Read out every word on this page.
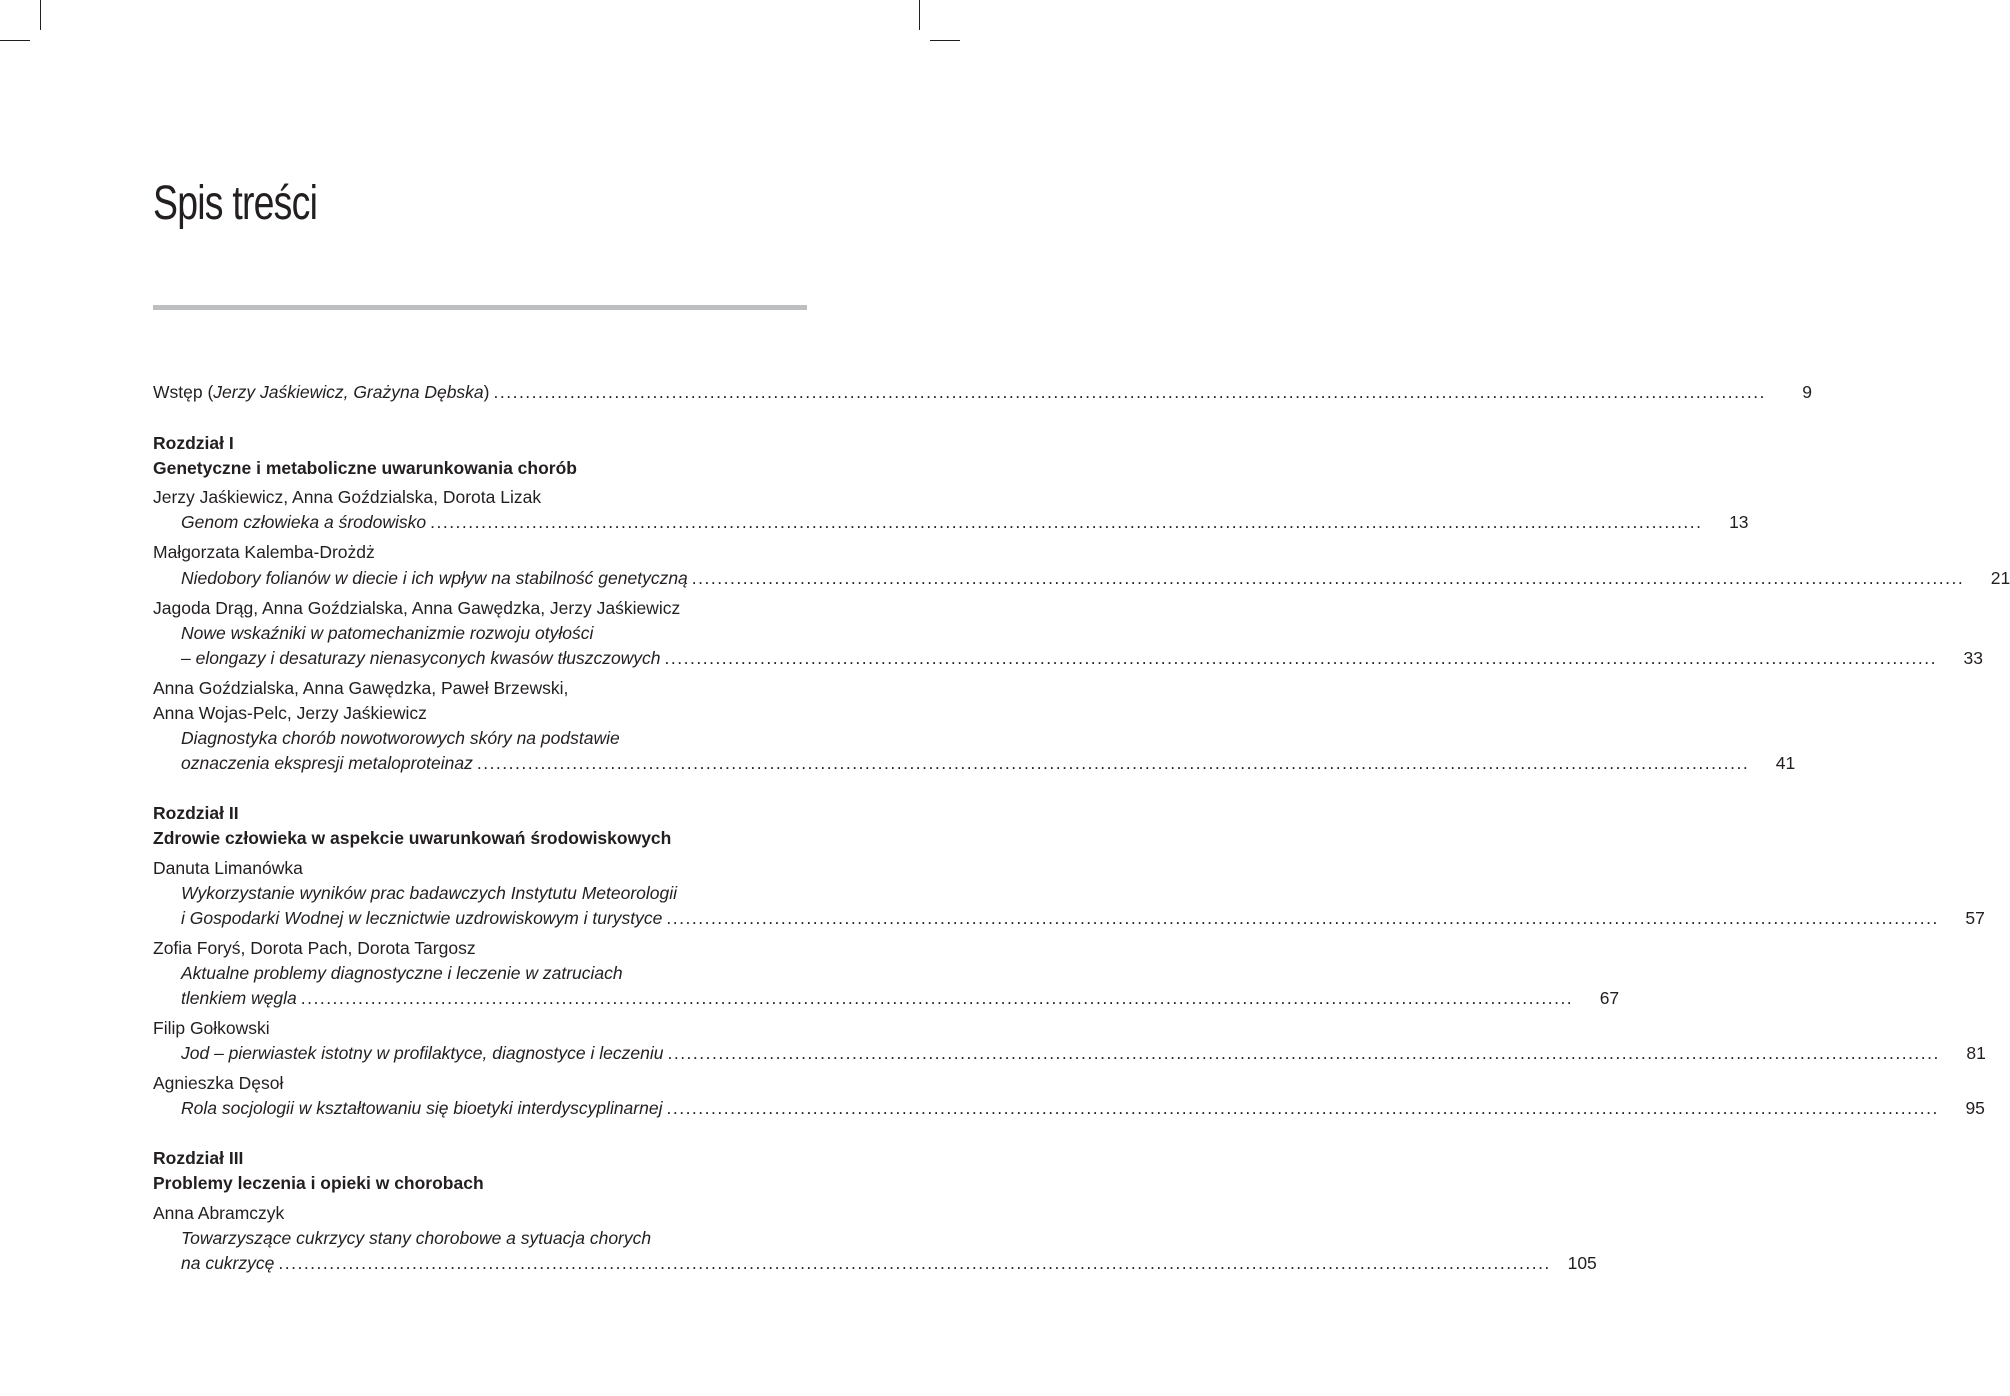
Spis treści
Wstęp (Jerzy Jaśkiewicz, Grażyna Dębska) ........................................................................................................................................................................................................	9
Rozdział I
Genetyczne i metaboliczne uwarunkowania chorób
Jerzy Jaśkiewicz, Anna Goździalska, Dorota Lizak
Genom człowieka a środowisko ........................................................................................................................................................................................................	13
Małgorzata Kalemba-Drożdż
Niedobory folianów w diecie i ich wpływ na stabilność genetyczną ........................................................................................................................................................................................................	21
Jagoda Drąg, Anna Goździalska, Anna Gawędzka, Jerzy Jaśkiewicz
Nowe wskaźniki w patomechanizmie rozwoju otyłości
– elongazy i desaturazy nienasyconych kwasów tłuszczowych ........................................................................................................................................................................................................	33
Anna Goździalska, Anna Gawędzka, Paweł Brzewski,
Anna Wojas-Pelc, Jerzy Jaśkiewicz
Diagnostyka chorób nowotworowych skóry na podstawie
oznaczenia ekspresji metaloproteinaz ........................................................................................................................................................................................................	41
Rozdział II
Zdrowie człowieka w aspekcie uwarunkowań środowiskowych
Danuta Limanówka
Wykorzystanie wyników prac badawczych Instytutu Meteorologii
i Gospodarki Wodnej w lecznictwie uzdrowiskowym i turystyce ........................................................................................................................................................................................................	57
Zofia Foryś, Dorota Pach, Dorota Targosz
Aktualne problemy diagnostyczne i leczenie w zatruciach
tlenkiem węgla ........................................................................................................................................................................................................	67
Filip Gołkowski
Jod – pierwiastek istotny w profilaktyce, diagnostyce i leczeniu ........................................................................................................................................................................................................	81
Agnieszka Dęsoł
Rola socjologii w kształtowaniu się bioetyki interdyscyplinarnej ........................................................................................................................................................................................................	95
Rozdział III
Problemy leczenia i opieki w chorobach
Anna Abramczyk
Towarzyszące cukrzycy stany chorobowe a sytuacja chorych
na cukrzycę ........................................................................................................................................................................................................ 105
